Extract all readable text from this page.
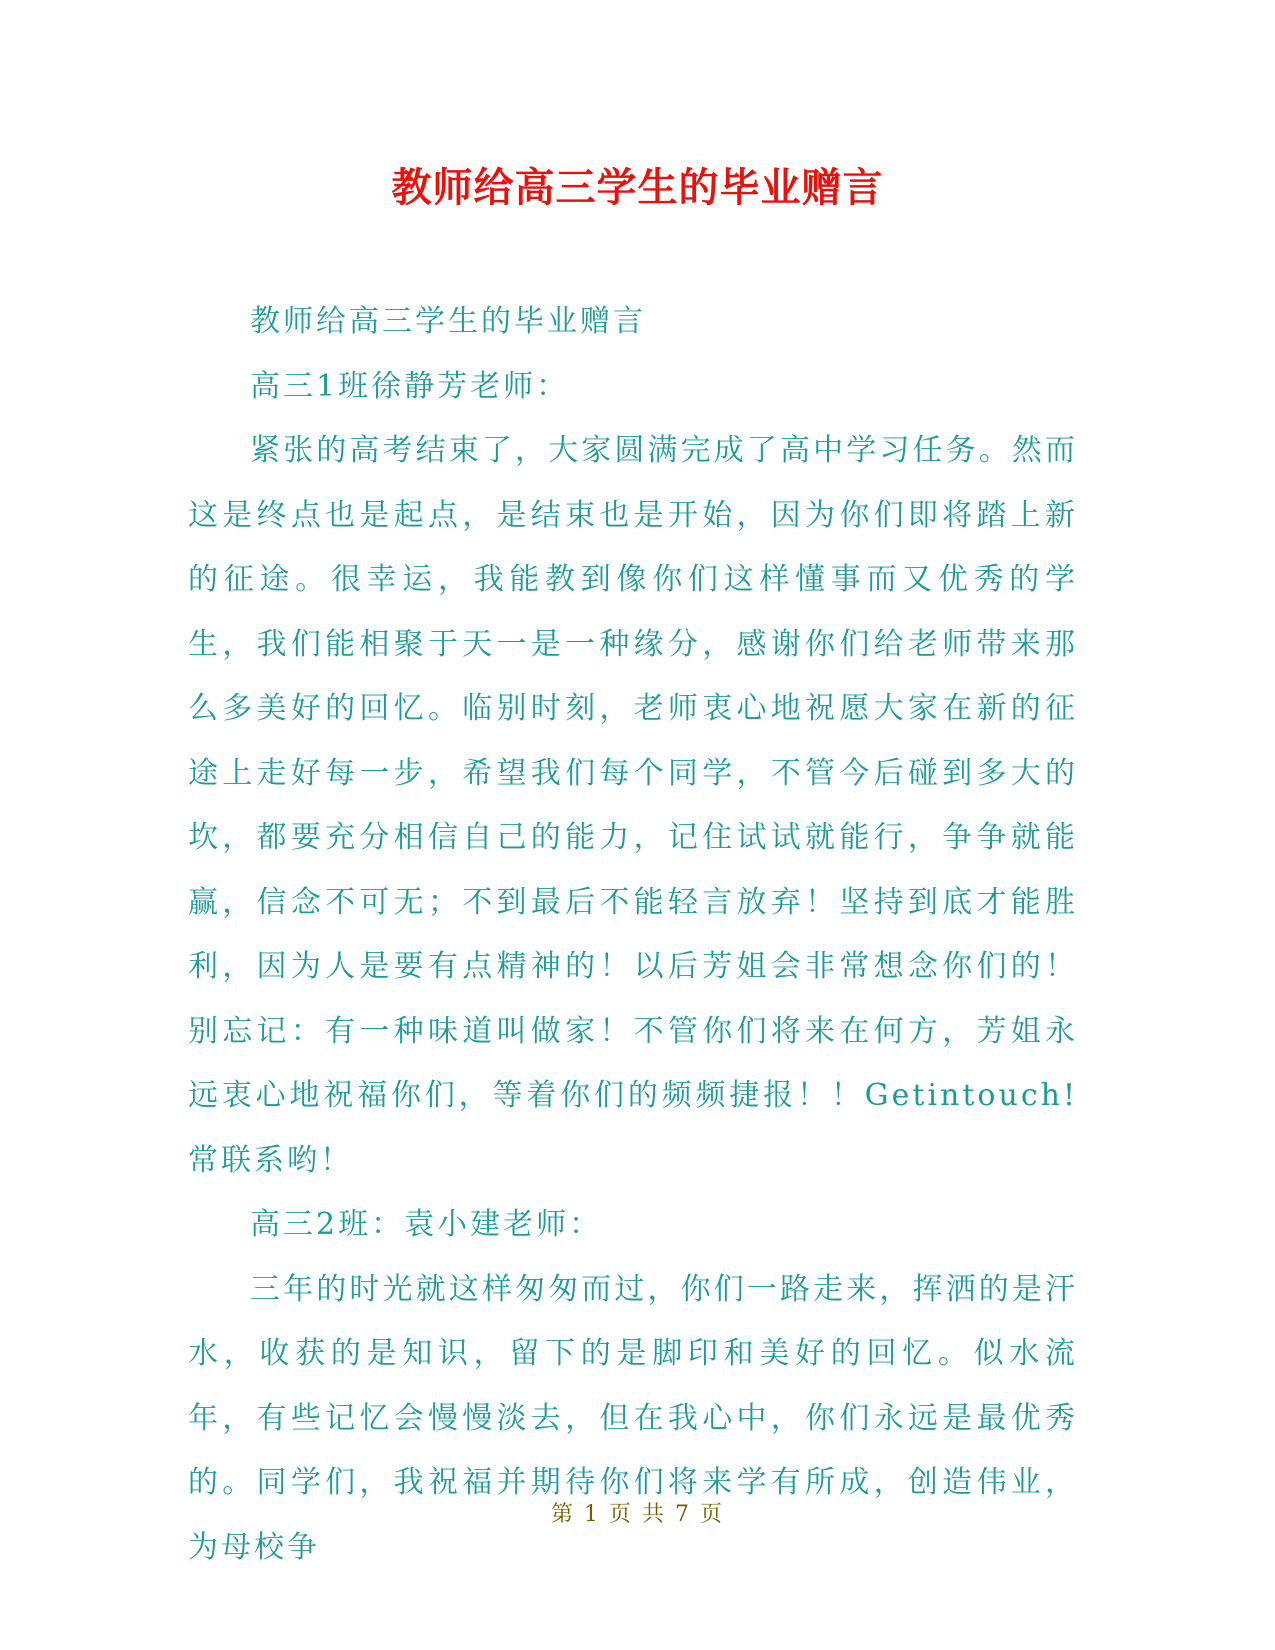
教师给高三学生的毕业赠言

教师给高三学生的毕业赠言

高三1班徐静芳老师：

紧张的高考结束了，大家圆满完成了高中学习任务。然而这是终点也是起点，是结束也是开始，因为你们即将踏上新的征途。很幸运，我能教到像你们这样懂事而又优秀的学生，我们能相聚于天一是一种缘分，感谢你们给老师带来那么多美好的回忆。临别时刻，老师衷心地祝愿大家在新的征途上走好每一步，希望我们每个同学，不管今后碰到多大的坎，都要充分相信自己的能力，记住试试就能行，争争就能赢，信念不可无；不到最后不能轻言放弃！坚持到底才能胜利，因为人是要有点精神的！以后芳姐会非常想念你们的！别忘记：有一种味道叫做家！不管你们将来在何方，芳姐永远衷心地祝福你们，等着你们的频频捷报！！Getintouch!常联系哟！

高三2班：袁小建老师：

三年的时光就这样匆匆而过，你们一路走来，挥洒的是汗水，收获的是知识，留下的是脚印和美好的回忆。似水流年，有些记忆会慢慢淡去，但在我心中，你们永远是最优秀的。同学们，我祝福并期待你们将来学有所成，创造伟业，为母校争

第 1 页 共 7 页
